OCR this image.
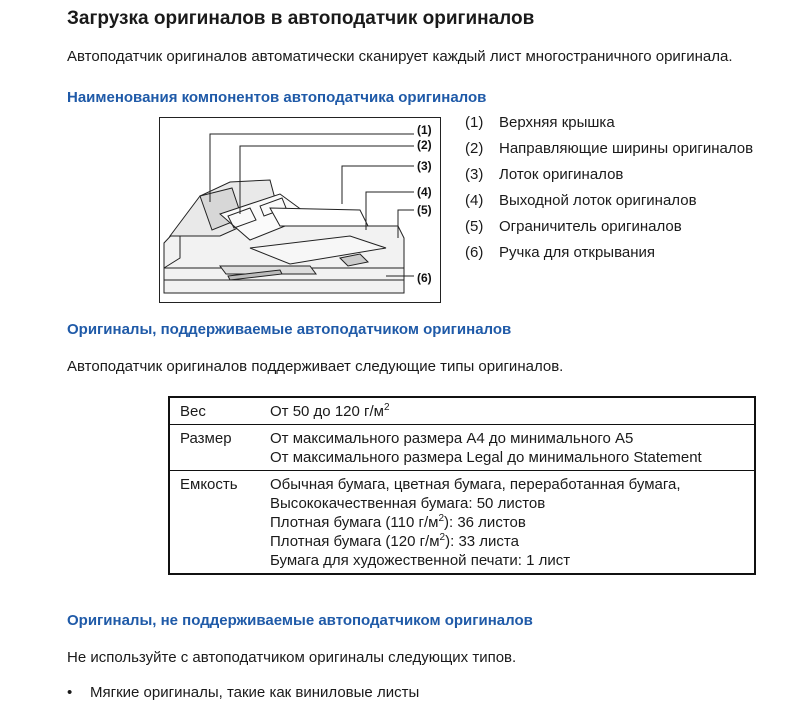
Загрузка оригиналов в автоподатчик оригиналов
Автоподатчик оригиналов автоматически сканирует каждый лист многостраничного оригинала.
Наименования компонентов автоподатчика оригиналов
(1)
(2)
(3)
(4)
(5)
(6)
(1) Верхняя крышка
(2) Направляющие ширины оригиналов
(3) Лоток оригиналов
(4) Выходной лоток оригиналов
(5) Ограничитель оригиналов
(6) Ручка для открывания
Оригиналы, поддерживаемые автоподатчиком оригиналов
Автоподатчик оригиналов поддерживает следующие типы оригиналов.
Вес	От 50 до 120 $г/м^2$
Размер	От максимального размера A4 до минимального A5
От максимального размера Legal до минимального Statement

Емкость	Обычная бумага, цветная бумага, переработанная бумага,
Высококачественная бумага: 50 листов
Плотная бумага (110 $г/м^2$): 36 листов
Плотная бумага (120 $г/м^2$): 33 листа
Бумага для художественной печати: 1 лист
Оригиналы, не поддерживаемые автоподатчиком оригиналов
Не используйте с автоподатчиком оригиналы следующих типов.
• Мягкие оригиналы, такие как виниловые листы
